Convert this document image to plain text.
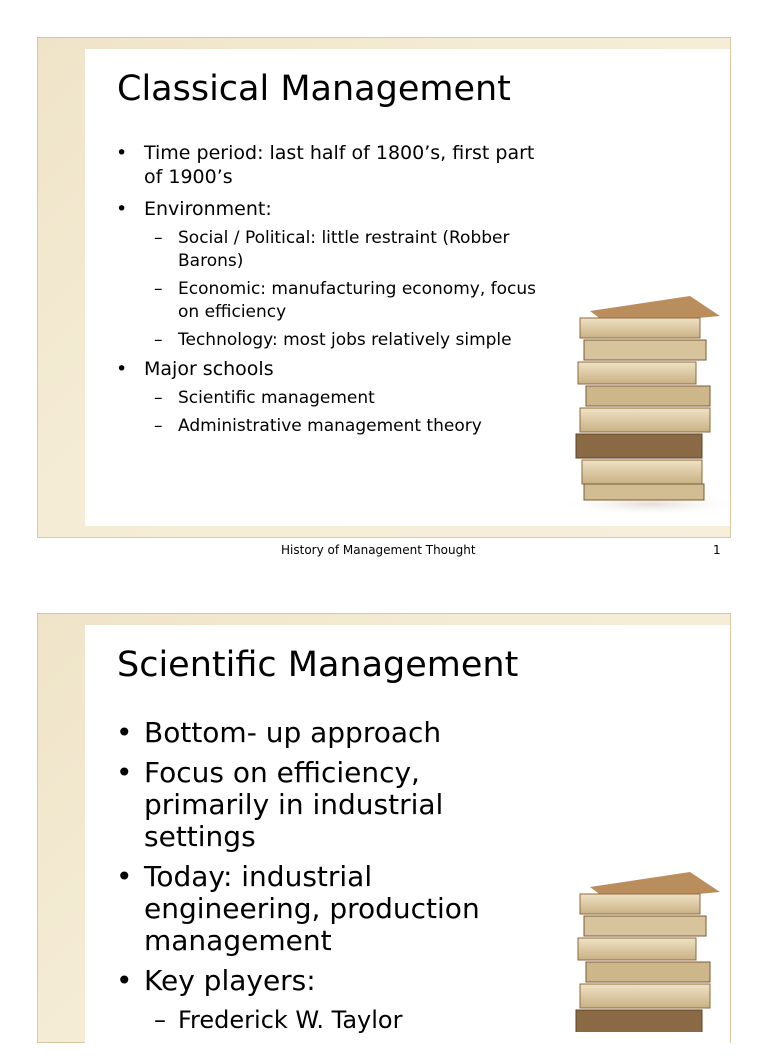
Classical Management
• Time period: last half of 1800’s, first part of 1900’s
• Environment:
– Social / Political: little restraint (Robber Barons)
– Economic: manufacturing economy, focus on efficiency
– Technology: most jobs relatively simple
• Major schools
– Scientific management
– Administrative management theory
History of Management Thought	1
Scientific Management
• Bottom- up approach
• Focus on efficiency, primarily in industrial settings
• Today: industrial engineering, production management
• Key players:
– Frederick W. Taylor
